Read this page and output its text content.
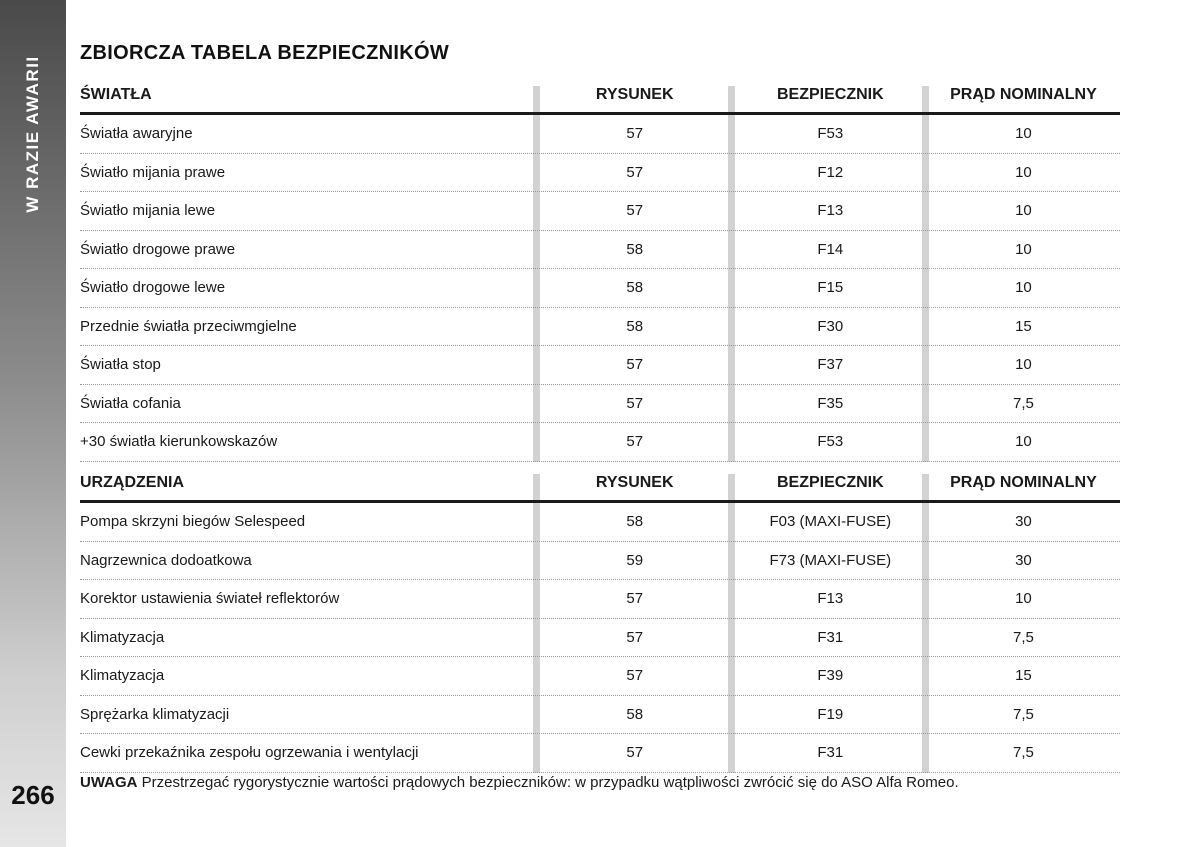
W RAZIE AWARII
266
ZBIORCZA TABELA BEZPIECZNIKÓW
ŚWIATŁA	RYSUNEK	BEZPIECZNIK	PRĄD NOMINALNY
Światła awaryjne	57	F53	10
Światło mijania prawe	57	F12	10
Światło mijania lewe	57	F13	10
Światło drogowe prawe	58	F14	10
Światło drogowe lewe	58	F15	10
Przednie światła przeciwmgielne	58	F30	15
Światła stop	57	F37	10
Światła cofania	57	F35	7,5
+30 światła kierunkowskazów	57	F53	10
URZĄDZENIA	RYSUNEK	BEZPIECZNIK	PRĄD NOMINALNY
Pompa skrzyni biegów Selespeed	58	F03 (MAXI-FUSE)	30
Nagrzewnica dodoatkowa	59	F73 (MAXI-FUSE)	30
Korektor ustawienia świateł reflektorów	57	F13	10
Klimatyzacja	57	F31	7,5
Klimatyzacja	57	F39	15
Sprężarka klimatyzacji	58	F19	7,5
Cewki przekaźnika zespołu ogrzewania i wentylacji	57	F31	7,5
UWAGA Przestrzegać rygorystycznie wartości prądowych bezpieczników: w przypadku wątpliwości zwrócić się do ASO Alfa Romeo.
